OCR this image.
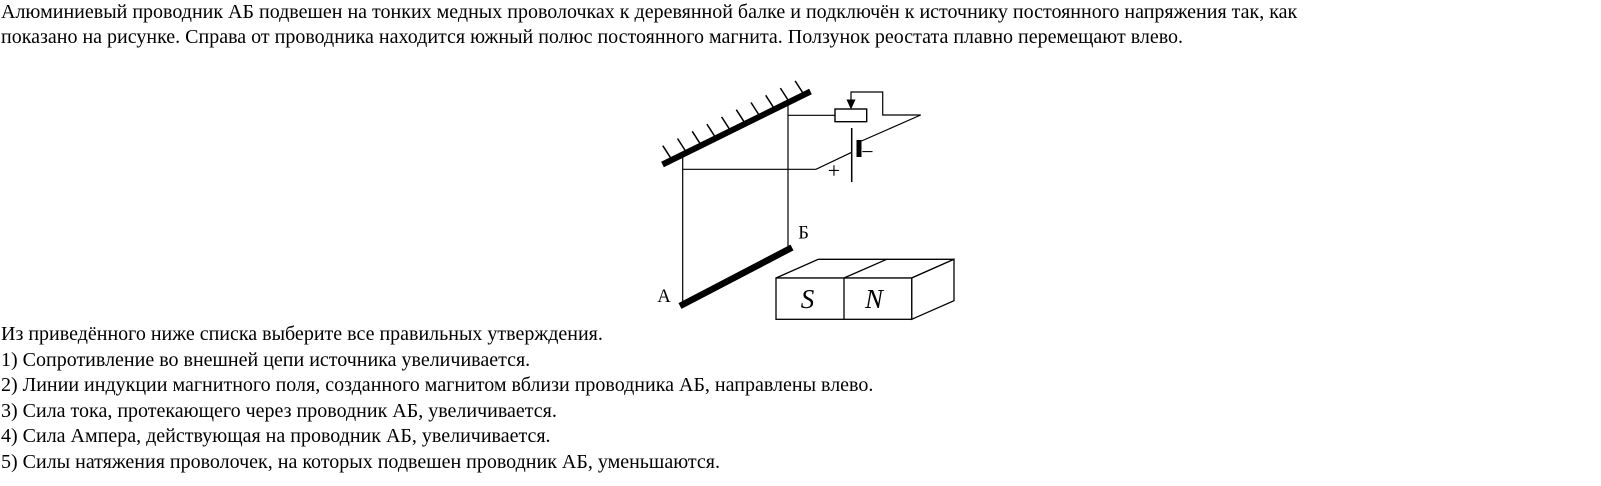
Алюминиевый проводник АБ подвешен на тонких медных проволочках к деревянной балке и подключён к источнику постоянного напряжения так, как
показано на рисунке. Справа от проводника находится южный полюс постоянного магнита. Ползунок реостата плавно перемещают влево.
+
−
А
Б
S N
Из приведённого ниже списка выберите все правильных утверждения.
1) Сопротивление во внешней цепи источника увеличивается.
2) Линии индукции магнитного поля, созданного магнитом вблизи проводника АБ, направлены влево.
3) Сила тока, протекающего через проводник АБ, увеличивается.
4) Сила Ампера, действующая на проводник АБ, увеличивается.
5) Силы натяжения проволочек, на которых подвешен проводник АБ, уменьшаются.
